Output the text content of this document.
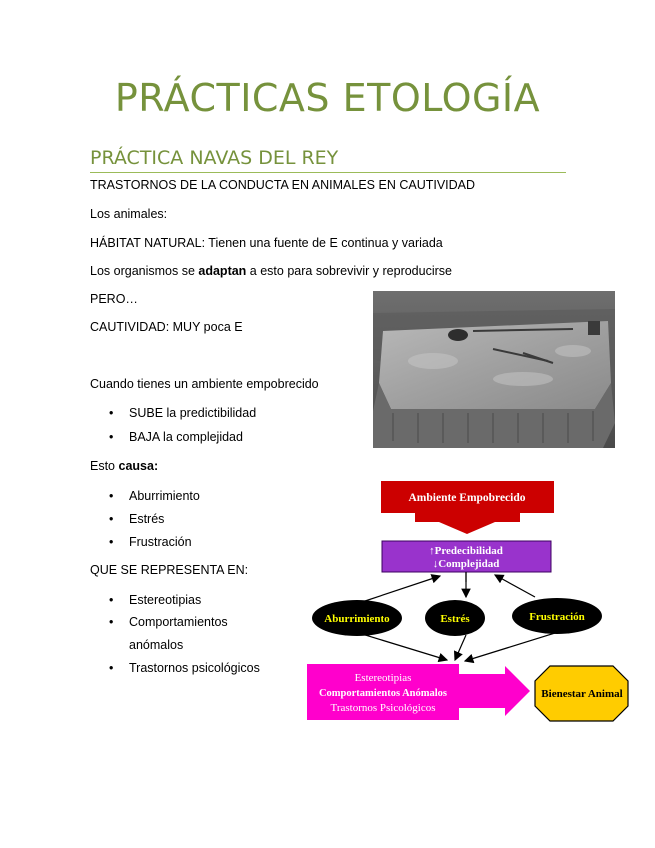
PRÁCTICAS ETOLOGÍA
PRÁCTICA NAVAS DEL REY
TRASTORNOS DE LA CONDUCTA EN ANIMALES EN CAUTIVIDAD
Los animales:
HÁBITAT NATURAL: Tienen una fuente de E continua y variada
Los organismos se adaptan a esto para sobrevivir y reproducirse
PERO…
CAUTIVIDAD: MUY poca E
Cuando tienes un ambiente empobrecido
• SUBE la predictibilidad
• BAJA la complejidad
Esto causa:
• Aburrimiento
• Estrés
• Frustración
QUE SE REPRESENTA EN:
• Estereotipias
• Comportamientos
anómalos
• Trastornos psicológicos
Ambiente Empobrecido
↑Predecibilidad
↓Complejidad
Aburrimiento	Estrés	Frustración
Estereotipias
Comportamientos Anómalos
Trastornos Psicológicos
Bienestar Animal
